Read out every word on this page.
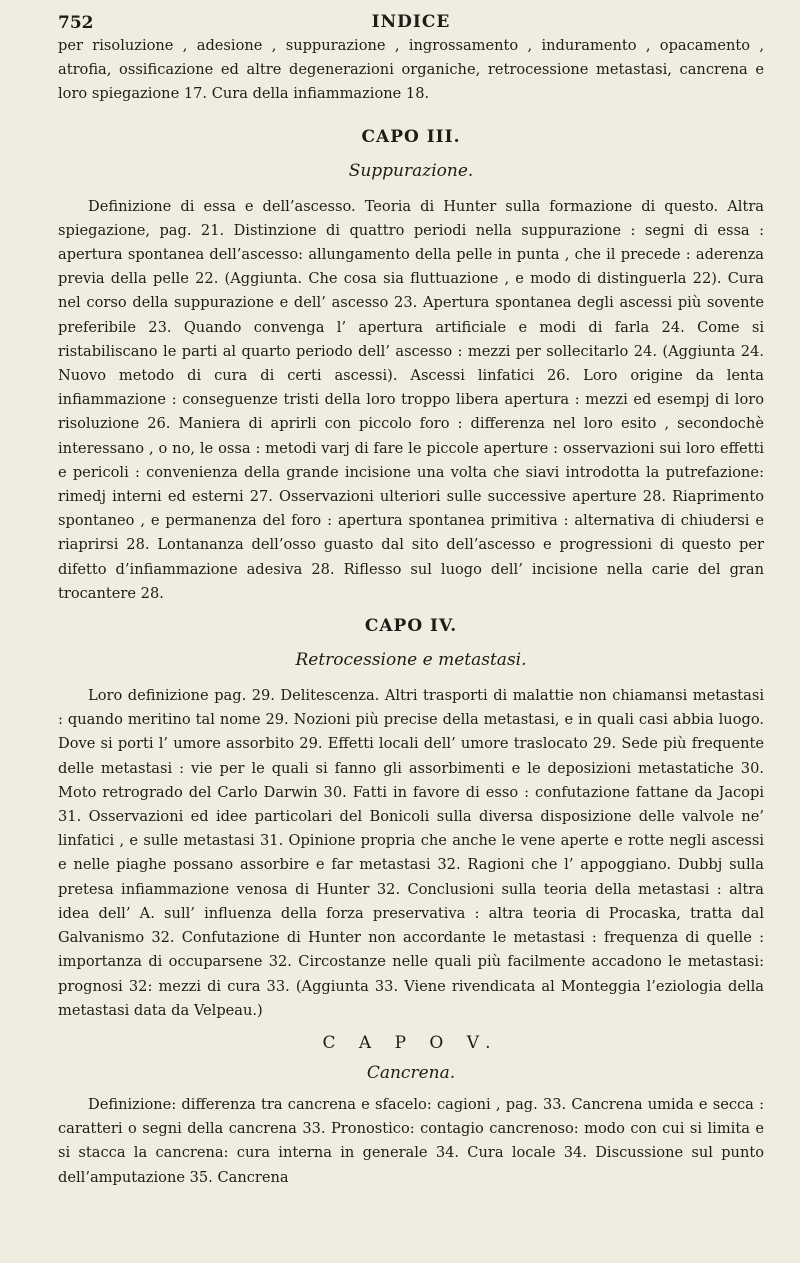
752	INDICE

per risoluzione , adesione , suppurazione , ingrossamento , induramento , opacamento , atrofia, ossificazione ed altre degenerazioni organiche, retrocessione metastasi, cancrena e loro spiegazione 17. Cura della infiammazione 18.

CAPO III.
Suppurazione.

Definizione di essa e dell’ascesso. Teoria di Hunter sulla formazione di questo. Altra spiegazione, pag. 21. Distinzione di quattro periodi nella suppurazione : segni di essa : apertura spontanea dell’ascesso: allungamento della pelle in punta , che il precede : aderenza previa della pelle 22. (Aggiunta. Che cosa sia fluttuazione , e modo di distinguerla 22). Cura nel corso della suppurazione e dell’ ascesso 23. Apertura spontanea degli ascessi più sovente preferibile 23. Quando convenga l’ apertura artificiale e modi di farla 24. Come si ristabiliscano le parti al quarto periodo dell’ ascesso : mezzi per sollecitarlo 24. (Aggiunta 24. Nuovo metodo di cura di certi ascessi). Ascessi linfatici 26. Loro origine da lenta infiammazione : conseguenze tristi della loro troppo libera apertura : mezzi ed esempj di loro risoluzione 26. Maniera di aprirli con piccolo foro : differenza nel loro esito , secondochè interessano , o no, le ossa : metodi varj di fare le piccole aperture : osservazioni sui loro effetti e pericoli : convenienza della grande incisione una volta che siavi introdotta la putrefazione: rimedj interni ed esterni 27. Osservazioni ulteriori sulle successive aperture 28. Riaprimento spontaneo , e permanenza del foro : apertura spontanea primitiva : alternativa di chiudersi e riaprirsi 28. Lontananza dell’osso guasto dal sito dell’ascesso e progressioni di questo per difetto d’infiammazione adesiva 28. Riflesso sul luogo dell’ incisione nella carie del gran trocantere 28.

CAPO IV.
Retrocessione e metastasi.

Loro definizione pag. 29. Delitescenza. Altri trasporti di malattie non chiamansi metastasi : quando meritino tal nome 29. Nozioni più precise della metastasi, e in quali casi abbia luogo. Dove si porti l’ umore assorbito 29. Effetti locali dell’ umore traslocato 29. Sede più frequente delle metastasi : vie per le quali si fanno gli assorbimenti e le deposizioni metastatiche 30. Moto retrogrado del Carlo Darwin 30. Fatti in favore di esso : confutazione fattane da Jacopi 31. Osservazioni ed idee particolari del Bonicoli sulla diversa disposizione delle valvole ne’ linfatici , e sulle metastasi 31. Opinione propria che anche le vene aperte e rotte negli ascessi e nelle piaghe possano assorbire e far metastasi 32. Ragioni che l’ appoggiano. Dubbj sulla pretesa infiammazione venosa di Hunter 32. Conclusioni sulla teoria della metastasi : altra idea dell’ A. sull’ influenza della forza preservativa : altra teoria di Procaska, tratta dal Galvanismo 32. Confutazione di Hunter non accordante le metastasi : frequenza di quelle : importanza di occuparsene 32. Circostanze nelle quali più facilmente accadono le metastasi: prognosi 32: mezzi di cura 33. (Aggiunta 33. Viene rivendicata al Monteggia l’eziologia della metastasi data da Velpeau.)

C A P O V.
Cancrena.

Definizione: differenza tra cancrena e sfacelo: cagioni , pag. 33. Cancrena umida e secca : caratteri o segni della cancrena 33. Pronostico: contagio cancrenoso: modo con cui si limita e si stacca la cancrena: cura interna in generale 34. Cura locale 34. Discussione sul punto dell’amputazione 35. Cancrena
